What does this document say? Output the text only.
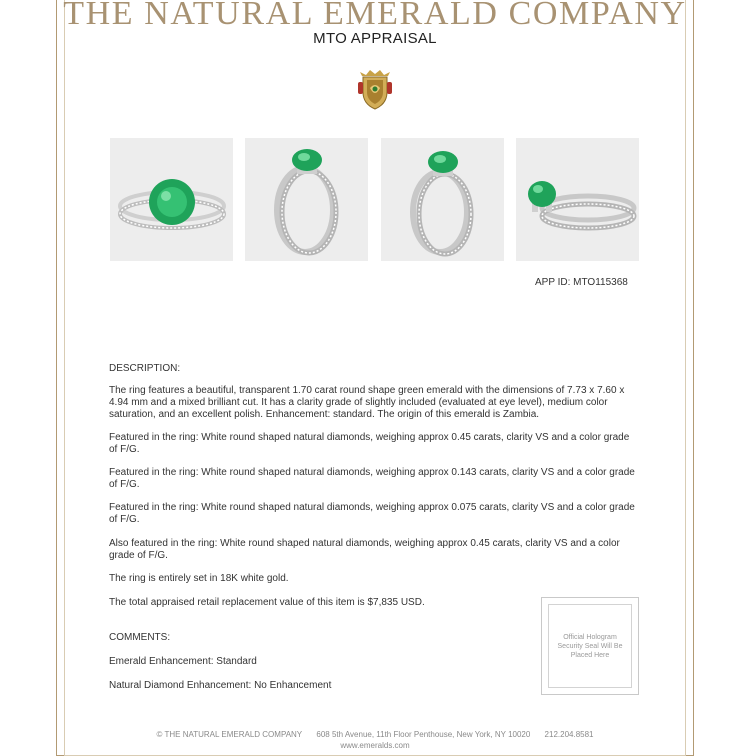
THE NATURAL EMERALD COMPANY
MTO APPRAISAL
APP ID: MTO115368
DESCRIPTION:
The ring features a beautiful, transparent 1.70 carat round shape green emerald with the dimensions of 7.73 x 7.60 x 4.94 mm and a mixed brilliant cut. It has a clarity grade of slightly included (evaluated at eye level), medium color saturation, and an excellent polish. Enhancement: standard. The origin of this emerald is Zambia.
Featured in the ring: White round shaped natural diamonds, weighing approx 0.45 carats, clarity VS and a color grade of F/G.
Featured in the ring: White round shaped natural diamonds, weighing approx 0.143 carats, clarity VS and a color grade of F/G.
Featured in the ring: White round shaped natural diamonds, weighing approx 0.075 carats, clarity VS and a color grade of F/G.
Also featured in the ring: White round shaped natural diamonds, weighing approx 0.45 carats, clarity VS and a color grade of F/G.
The ring is entirely set in 18K white gold.
The total appraised retail replacement value of this item is $7,835 USD.
COMMENTS:
Emerald Enhancement: Standard
Natural Diamond Enhancement: No Enhancement
Official Hologram Security Seal Will Be Placed Here
© THE NATURAL EMERALD COMPANY 608 5th Avenue, 11th Floor Penthouse, New York, NY 10020 212.204.8581
www.emeralds.com
